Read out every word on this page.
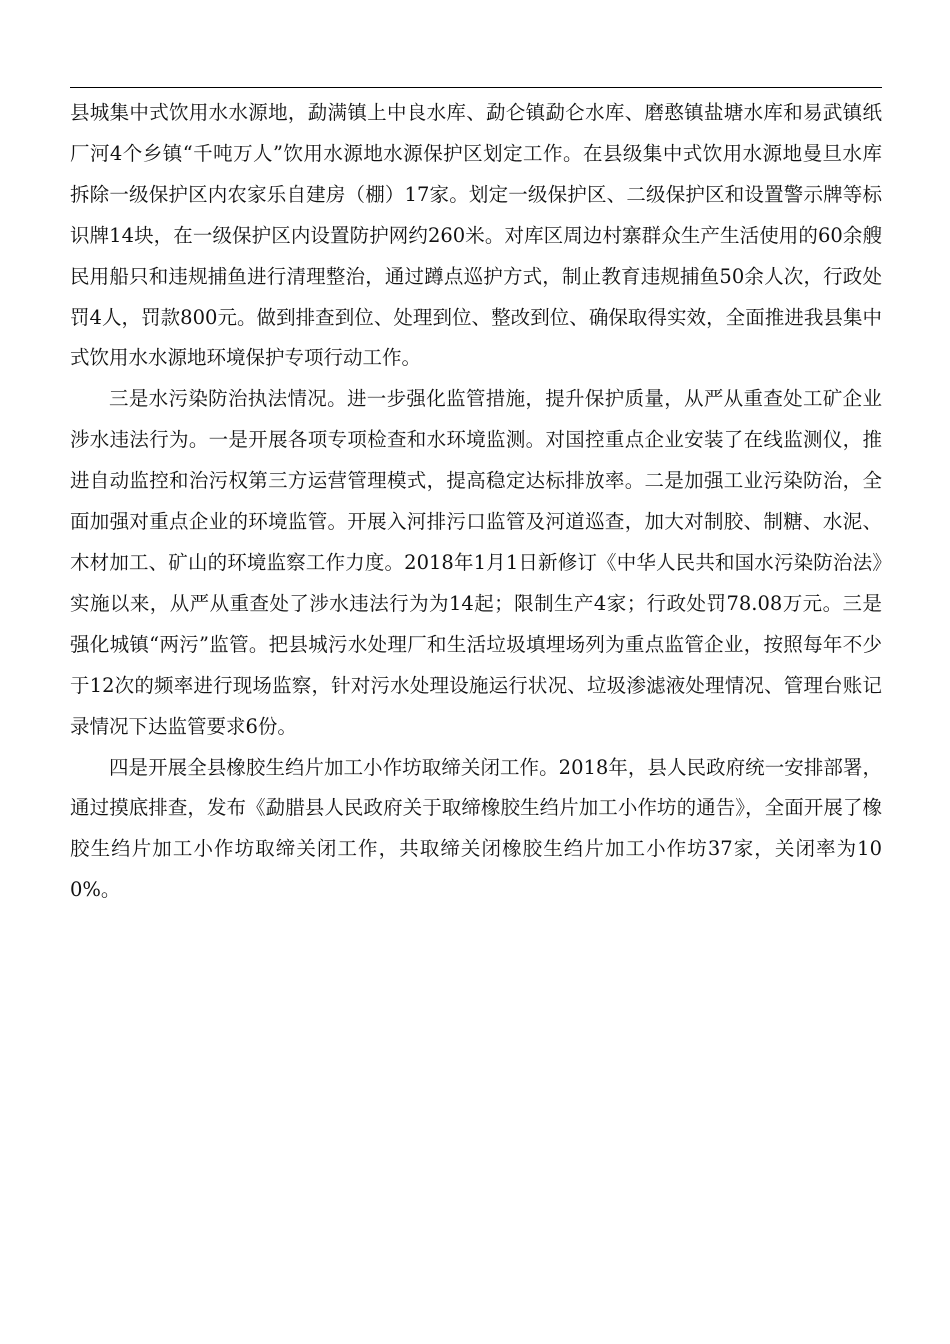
县城集中式饮用水水源地，勐满镇上中良水库、勐仑镇勐仑水库、磨憨镇盐塘水库和易武镇纸厂河4个乡镇“千吨万人”饮用水源地水源保护区划定工作。在县级集中式饮用水源地曼旦水库拆除一级保护区内农家乐自建房（棚）17家。划定一级保护区、二级保护区和设置警示牌等标识牌14块，在一级保护区内设置防护网约260米。对库区周边村寨群众生产生活使用的60余艘民用船只和违规捕鱼进行清理整治，通过蹲点巡护方式，制止教育违规捕鱼50余人次，行政处罚4人，罚款800元。做到排查到位、处理到位、整改到位、确保取得实效，全面推进我县集中式饮用水水源地环境保护专项行动工作。

三是水污染防治执法情况。进一步强化监管措施，提升保护质量，从严从重查处工矿企业涉水违法行为。一是开展各项专项检查和水环境监测。对国控重点企业安装了在线监测仪，推进自动监控和治污权第三方运营管理模式，提高稳定达标排放率。二是加强工业污染防治，全面加强对重点企业的环境监管。开展入河排污口监管及河道巡查，加大对制胶、制糖、水泥、木材加工、矿山的环境监察工作力度。2018年1月1日新修订《中华人民共和国水污染防治法》实施以来，从严从重查处了涉水违法行为为14起；限制生产4家；行政处罚78.08万元。三是强化城镇“两污”监管。把县城污水处理厂和生活垃圾填埋场列为重点监管企业，按照每年不少于12次的频率进行现场监察，针对污水处理设施运行状况、垃圾渗滤液处理情况、管理台账记录情况下达监管要求6份。

四是开展全县橡胶生绉片加工小作坊取缔关闭工作。2018年，县人民政府统一安排部署，通过摸底排查，发布《勐腊县人民政府关于取缔橡胶生绉片加工小作坊的通告》，全面开展了橡胶生绉片加工小作坊取缔关闭工作，共取缔关闭橡胶生绉片加工小作坊37家，关闭率为100%。
